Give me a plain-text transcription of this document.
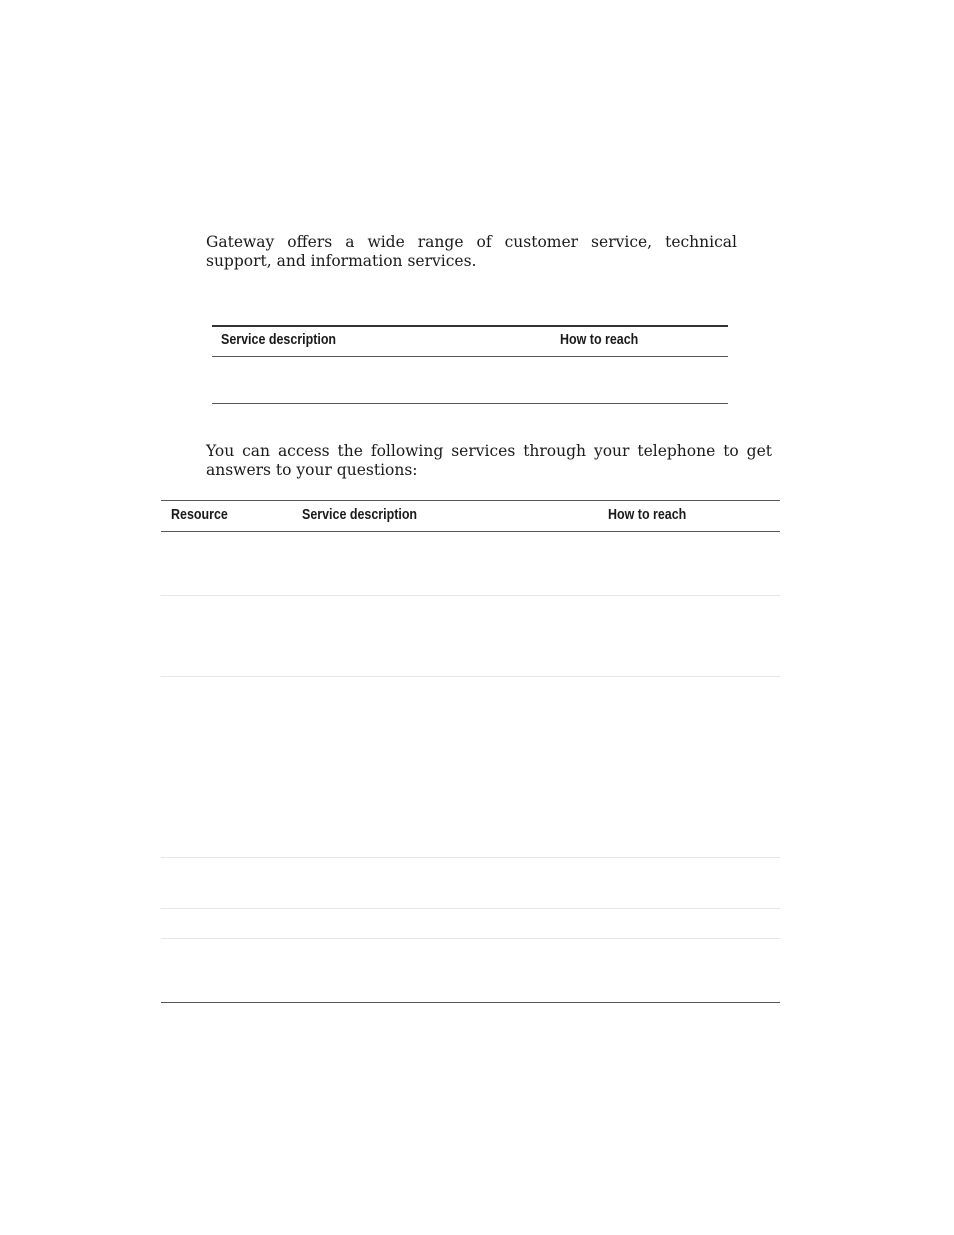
Gateway offers a wide range of customer service, technical support, and information services.

Service description	How to reach

You can access the following services through your telephone to get answers to your questions:

Resource	Service description	How to reach
